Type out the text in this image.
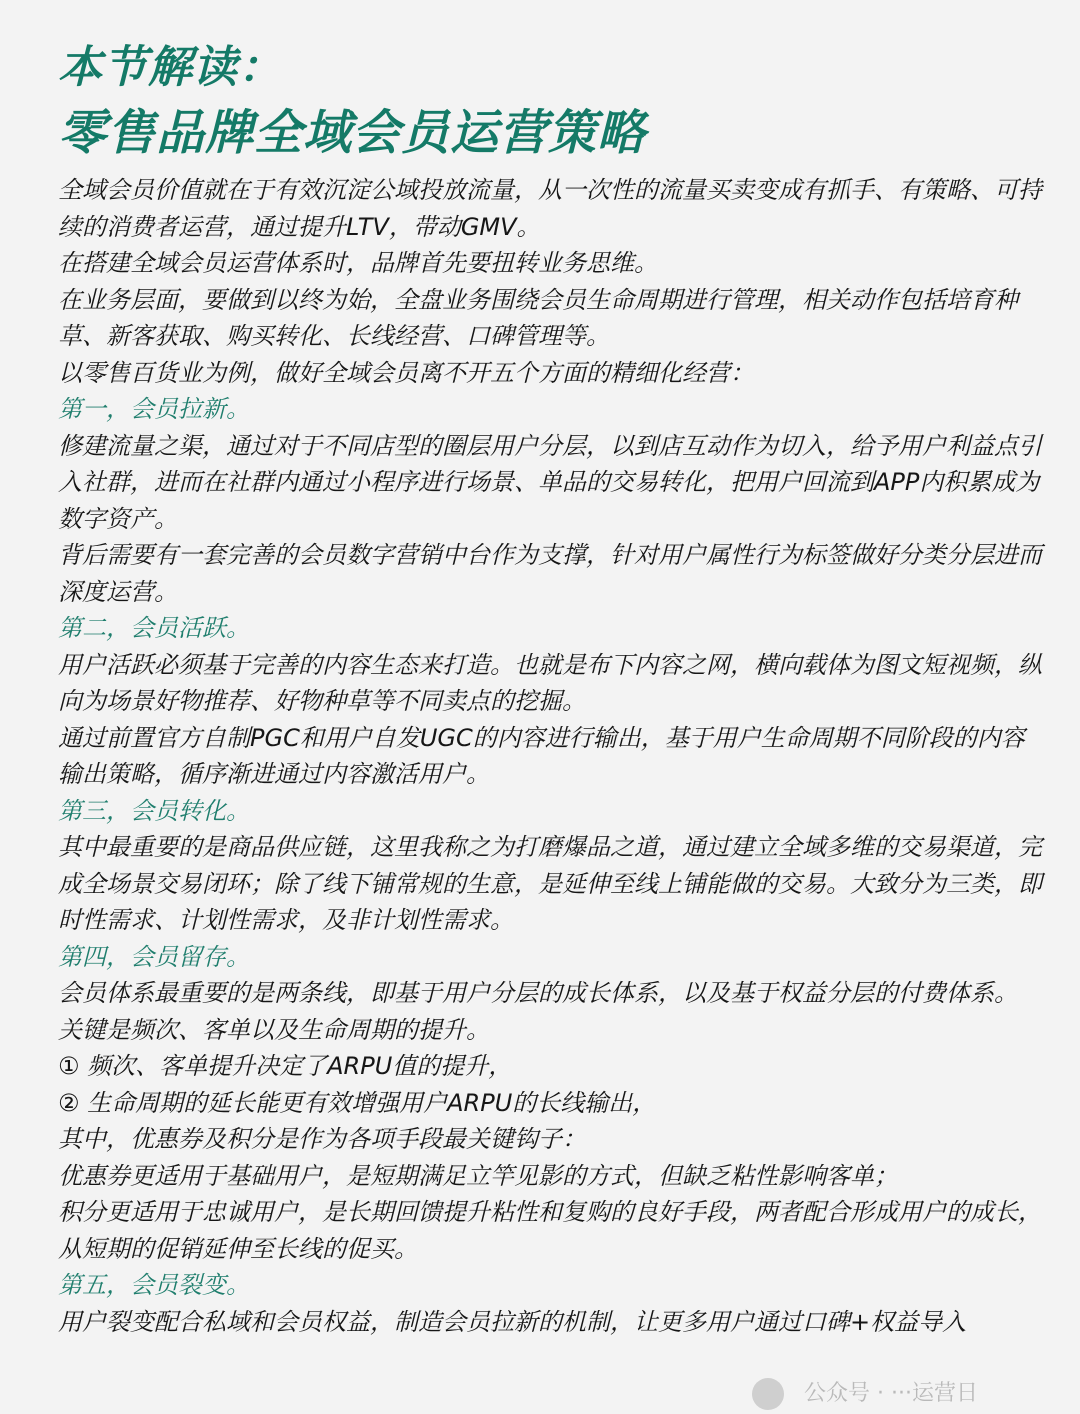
本节解读：
零售品牌全域会员运营策略

全域会员价值就在于有效沉淀公域投放流量，从一次性的流量买卖变成有抓手、有策略、可持续的消费者运营，通过提升LTV，带动GMV。

在搭建全域会员运营体系时，品牌首先要扭转业务思维。

在业务层面，要做到以终为始，全盘业务围绕会员生命周期进行管理，相关动作包括培育种草、新客获取、购买转化、长线经营、口碑管理等。

以零售百货业为例，做好全域会员离不开五个方面的精细化经营：

第一，会员拉新。

修建流量之渠，通过对于不同店型的圈层用户分层，以到店互动作为切入，给予用户利益点引入社群，进而在社群内通过小程序进行场景、单品的交易转化，把用户回流到APP内积累成为数字资产。

背后需要有一套完善的会员数字营销中台作为支撑，针对用户属性行为标签做好分类分层进而深度运营。

第二，会员活跃。

用户活跃必须基于完善的内容生态来打造。也就是布下内容之网，横向载体为图文短视频，纵向为场景好物推荐、好物种草等不同卖点的挖掘。

通过前置官方自制PGC和用户自发UGC的内容进行输出，基于用户生命周期不同阶段的内容输出策略，循序渐进通过内容激活用户。

第三，会员转化。

其中最重要的是商品供应链，这里我称之为打磨爆品之道，通过建立全域多维的交易渠道，完成全场景交易闭环；除了线下铺常规的生意，是延伸至线上铺能做的交易。大致分为三类，即时性需求、计划性需求，及非计划性需求。

第四，会员留存。

会员体系最重要的是两条线，即基于用户分层的成长体系，以及基于权益分层的付费体系。

关键是频次、客单以及生命周期的提升。

① 频次、客单提升决定了ARPU值的提升，

② 生命周期的延长能更有效增强用户ARPU的长线输出，

其中，优惠券及积分是作为各项手段最关键钩子：

优惠券更适用于基础用户，是短期满足立竿见影的方式，但缺乏粘性影响客单；

积分更适用于忠诚用户，是长期回馈提升粘性和复购的良好手段，两者配合形成用户的成长，从短期的促销延伸至长线的促买。

第五，会员裂变。

用户裂变配合私域和会员权益，制造会员拉新的机制，让更多用户通过口碑+权益导入

公众号 · ···运营日
